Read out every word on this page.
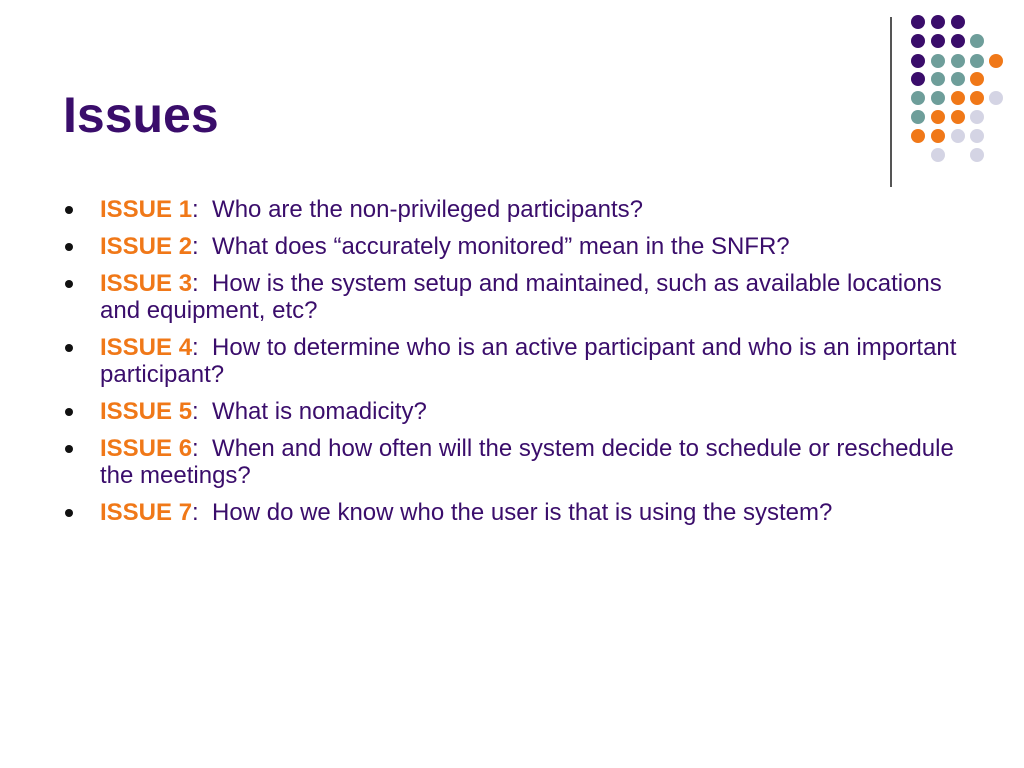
Issues
ISSUE 1:  Who are the non-privileged participants?
ISSUE 2:  What does “accurately monitored” mean in the SNFR?
ISSUE 3:  How is the system setup and maintained, such as available locations and equipment, etc?
ISSUE 4:  How to determine who is an active participant and who is an important participant?
ISSUE 5:  What is nomadicity?
ISSUE 6:  When and how often will the system decide to schedule or reschedule the meetings?
ISSUE 7:  How do we know who the user is that is using the system?
